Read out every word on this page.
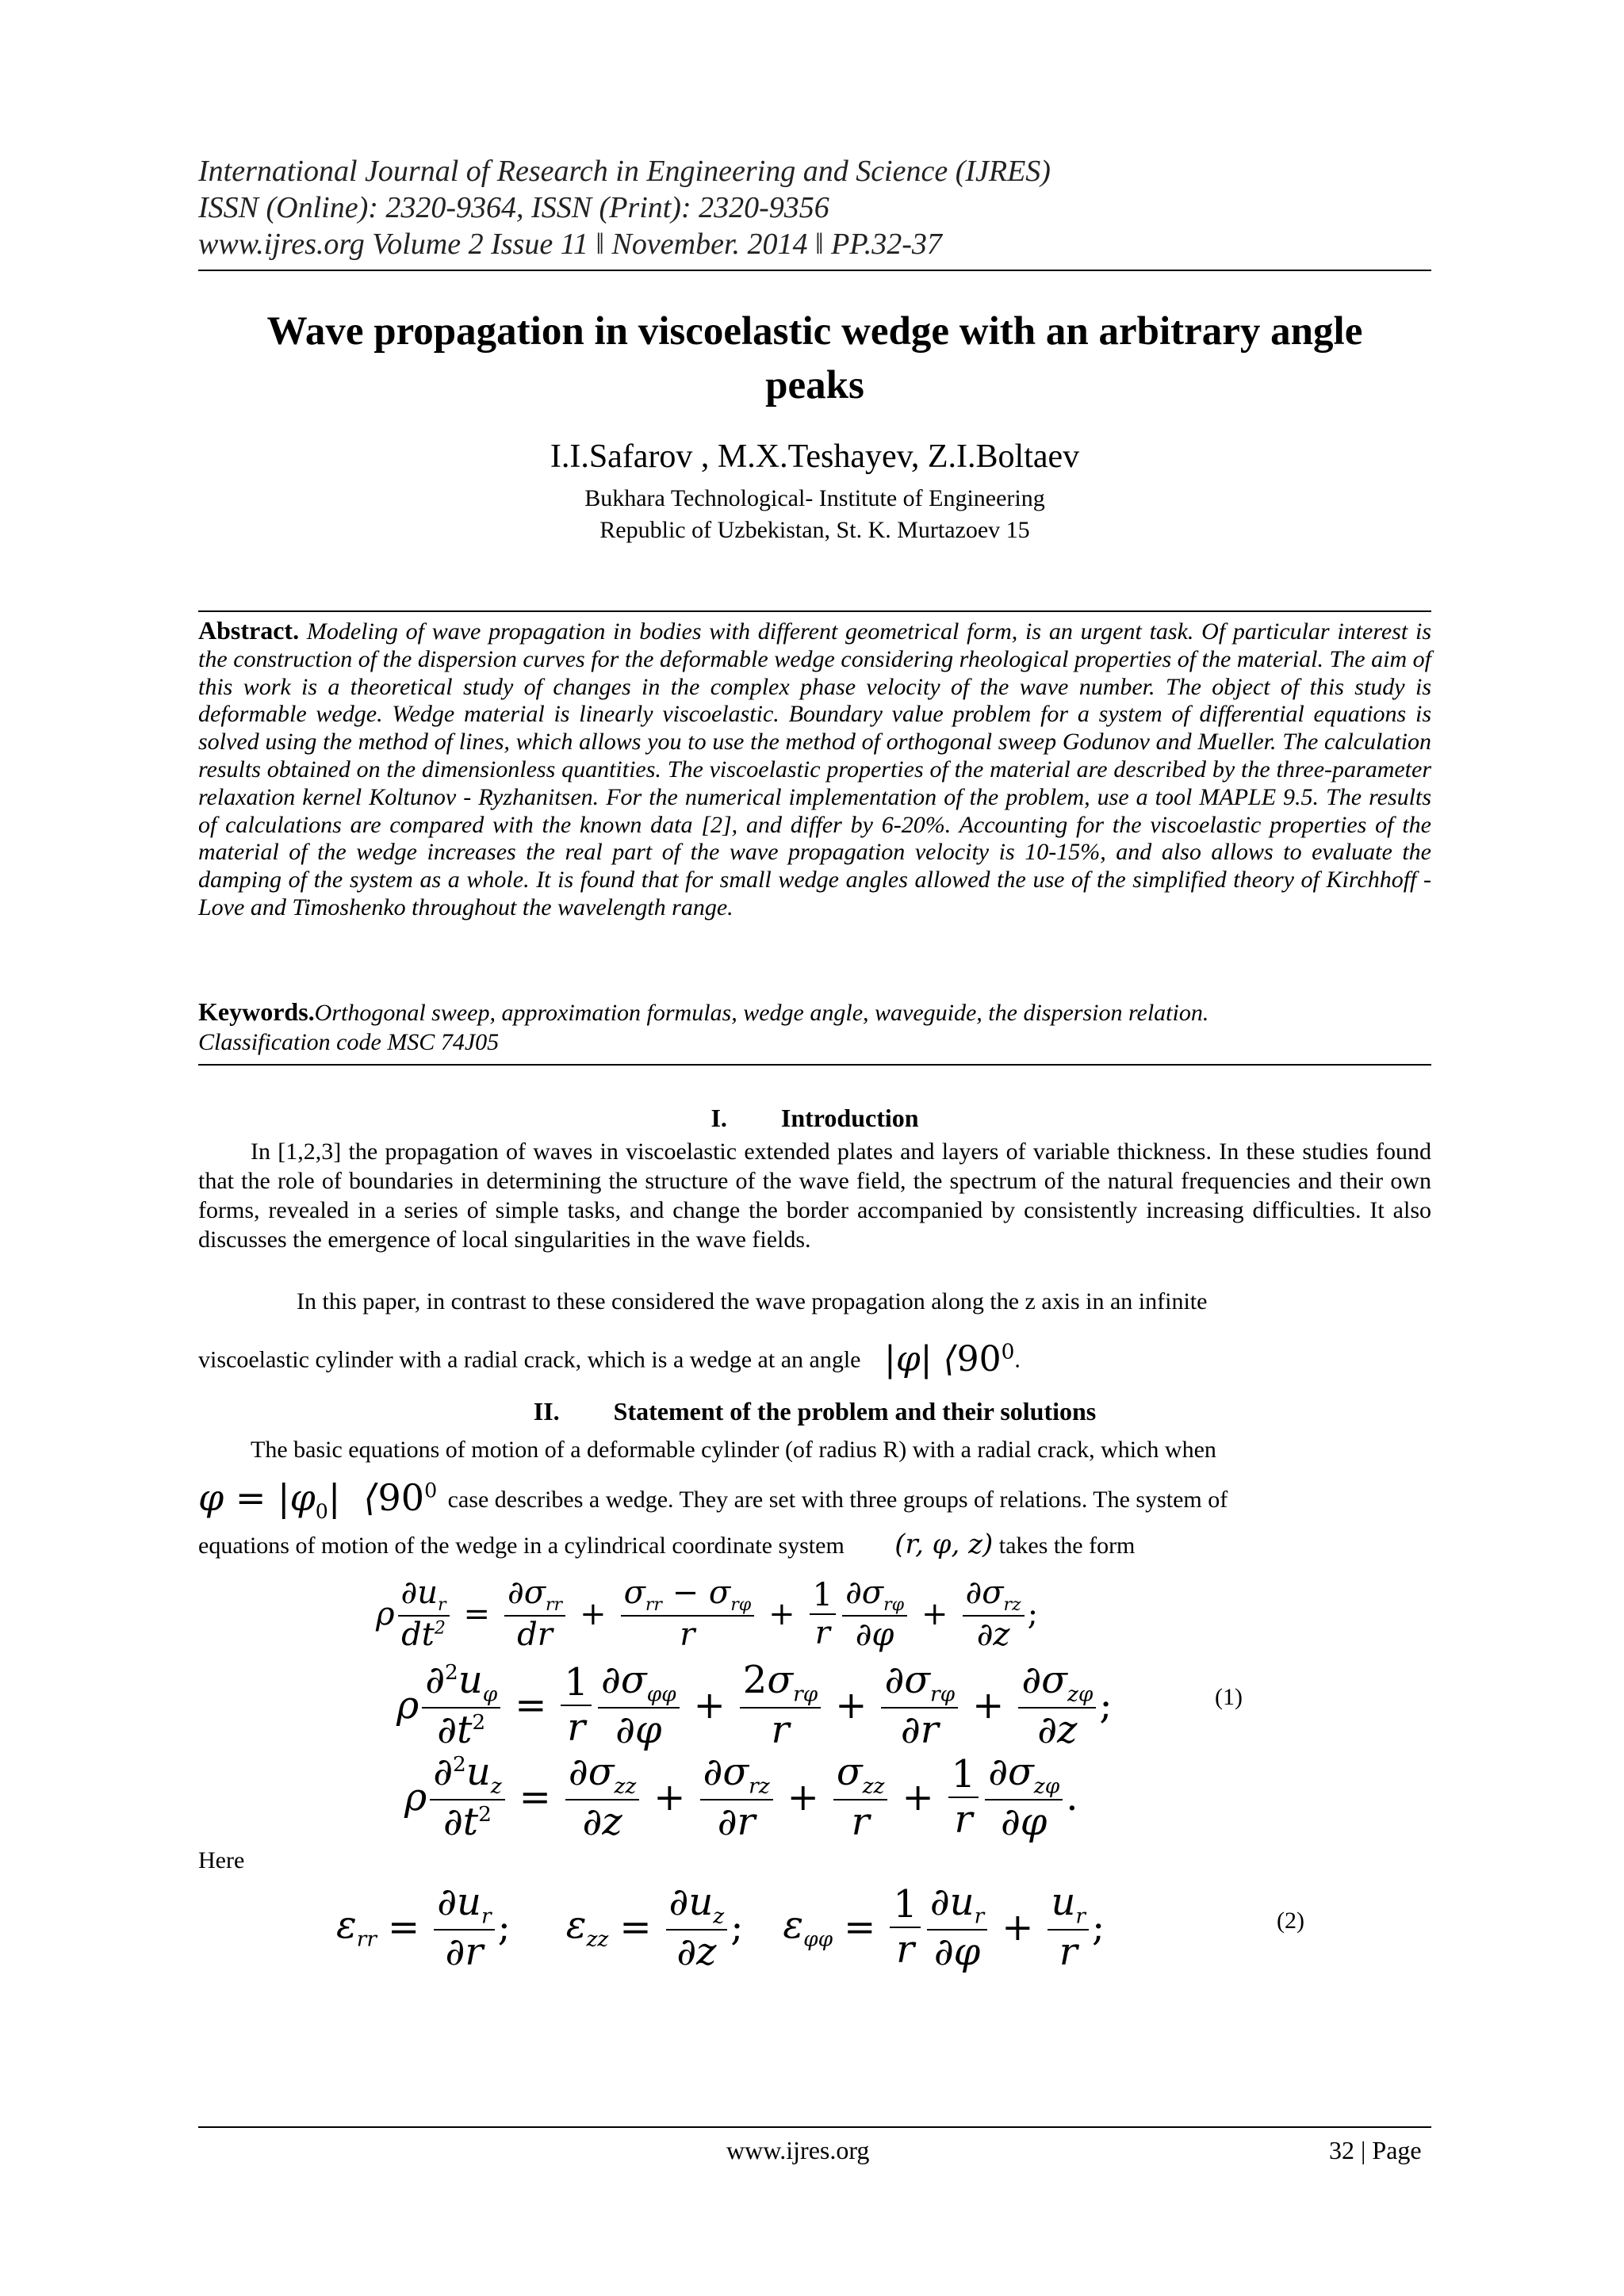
International Journal of Research in Engineering and Science (IJRES)
ISSN (Online): 2320-9364, ISSN (Print): 2320-9356
www.ijres.org Volume 2 Issue 11 ǁ November. 2014 ǁ PP.32-37
Wave propagation in viscoelastic wedge with an arbitrary angle
peaks
I.I.Safarov , M.X.Teshayev, Z.I.Boltaev
Bukhara Technological- Institute of Engineering
Republic of Uzbekistan, St. K. Murtazoev 15
Abstract. Modeling of wave propagation in bodies with different geometrical form, is an urgent task. Of particular interest is the construction of the dispersion curves for the deformable wedge considering rheological properties of the material. The aim of this work is a theoretical study of changes in the complex phase velocity of the wave number. The object of this study is deformable wedge. Wedge material is linearly viscoelastic. Boundary value problem for a system of differential equations is solved using the method of lines, which allows you to use the method of orthogonal sweep Godunov and Mueller. The calculation results obtained on the dimensionless quantities. The viscoelastic properties of the material are described by the three-parameter relaxation kernel Koltunov - Ryzhanitsen. For the numerical implementation of the problem, use a tool MAPLE 9.5. The results of calculations are compared with the known data [2], and differ by 6-20%. Accounting for the viscoelastic properties of the material of the wedge increases the real part of the wave propagation velocity is 10-15%, and also allows to evaluate the damping of the system as a whole. It is found that for small wedge angles allowed the use of the simplified theory of Kirchhoff - Love and Timoshenko throughout the wavelength range.
Keywords.Orthogonal sweep, approximation formulas, wedge angle, waveguide, the dispersion relation.
Classification code MSC 74J05
I. Introduction
In [1,2,3] the propagation of waves in viscoelastic extended plates and layers of variable thickness. In these studies found that the role of boundaries in determining the structure of the wave field, the spectrum of the natural frequencies and their own forms, revealed in a series of simple tasks, and change the border accompanied by consistently increasing difficulties. It also discusses the emergence of local singularities in the wave fields.
In this paper, in contrast to these considered the wave propagation along the z axis in an infinite
viscoelastic cylinder with a radial crack, which is a wedge at an angle |φ| $⟨90^0$.
II. Statement of the problem and their solutions
The basic equations of motion of a deformable cylinder (of radius R) with a radial crack, which when
$\varphi = |\varphi_0|$  $⟨90^0$ case describes a wedge. They are set with three groups of relations. The system of
equations of motion of the wedge in a cylindrical coordinate system (r, φ, z) takes the form
ρ $\frac{\partial u_r}{dt^2} = \frac{\partial\sigma_{rr}}{dr} + \frac{\sigma_{rr} - \sigma_{r\varphi}}{r} + \frac{1}{r} \frac{\partial\sigma_{r\varphi}}{\partial\varphi} + \frac{\partial\sigma_{rz}}{\partial z}$ ;
ρ $\frac{\partial^2u_\varphi}{\partial t^2} = \frac{1}{r} \frac{\partial\sigma_{\varphi\varphi}}{\partial\varphi} + \frac{2\sigma_{r\varphi}}{r} + \frac{\partial\sigma_{r\varphi}}{\partial r} + \frac{\partial\sigma_{z\varphi}}{\partial z}$ ;	(1)
ρ $\frac{\partial^2u_z}{\partial t^2} = \frac{\partial\sigma_{zz}}{\partial z} + \frac{\partial\sigma_{rz}}{\partial r} + \frac{\sigma_{zz}}{r} + \frac{1}{r} \frac{\partial\sigma_{z\varphi}}{\partial\varphi}$ .
Here
$\varepsilon_{rr} = \frac{\partial u_r}{\partial r}$ ; $\varepsilon_{zz} = \frac{\partial u_z}{\partial z}$ ; $\varepsilon_{\varphi\varphi} = \frac{1}{r} \frac{\partial u_r}{\partial\varphi} + \frac{u_r}{r}$ ;	(2)
www.ijres.org	32 | Page
